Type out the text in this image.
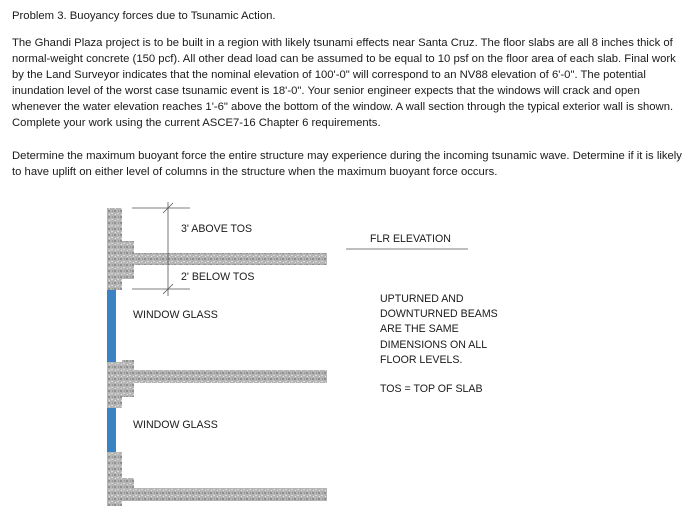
Problem 3. Buoyancy forces due to Tsunamic Action.
The Ghandi Plaza project is to be built in a region with likely tsunami effects near Santa Cruz. The floor slabs are all 8 inches thick of normal-weight concrete (150 pcf). All other dead load can be assumed to be equal to 10 psf on the floor area of each slab. Final work by the Land Surveyor indicates that the nominal elevation of 100'-0" will correspond to an NV88 elevation of 6'-0". The potential inundation level of the worst case tsunamic event is 18'-0". Your senior engineer expects that the windows will crack and open whenever the water elevation reaches 1'-6" above the bottom of the window. A wall section through the typical exterior wall is shown. Complete your work using the current ASCE7-16 Chapter 6 requirements.
Determine the maximum buoyant force the entire structure may experience during the incoming tsunamic wave. Determine if it is likely to have uplift on either level of columns in the structure when the maximum buoyant force occurs.
3' ABOVE TOS
2' BELOW TOS
WINDOW GLASS
WINDOW GLASS
FLR ELEVATION
UPTURNED AND
DOWNTURNED BEAMS
ARE THE SAME
DIMENSIONS ON ALL
FLOOR LEVELS.
TOS = TOP OF SLAB
